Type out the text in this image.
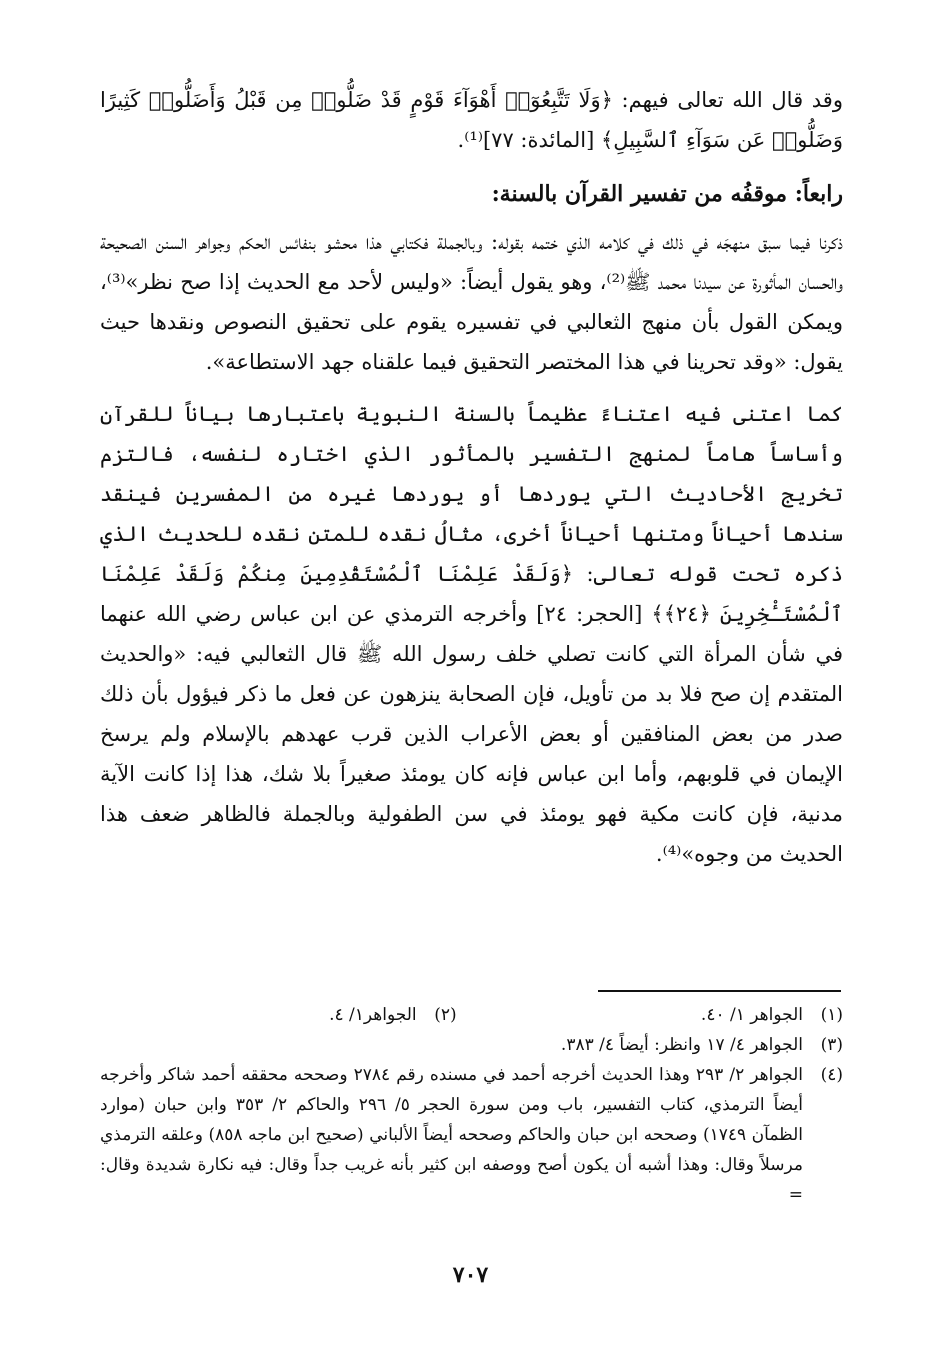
وقد قال الله تعالى فيهم: ﴿وَلَا تَتَّبِعُوٓا۟ أَهْوَآءَ قَوْمٍ قَدْ ضَلُّوا۟ مِن قَبْلُ وَأَضَلُّوا۟ كَثِيرًا وَضَلُّوا۟ عَن سَوَآءِ ٱلسَّبِيلِ﴾ [المائدة: ٧٧]⁽¹⁾.

رابعاً: موقفُه من تفسير القرآن بالسنة:

ذكرنا فيما سبق منهجَه في ذلك في كلامه الذي ختمه بقوله: وبالجملة فكتابي هذا محشو بنفائس الحكم وجواهر السنن الصحيحة والحسان المأثورة عن سيدنا محمد ﷺ⁽²⁾، وهو يقول أيضاً: «وليس لأحد مع الحديث إذا صح نظر»⁽³⁾، ويمكن القول بأن منهج الثعالبي في تفسيره يقوم على تحقيق النصوص ونقدها حيث يقول: «وقد تحرينا في هذا المختصر التحقيق فيما علقناه جهد الاستطاعة».

كما اعتنى فيه اعتناءً عظيماً بالسنة النبوية باعتبارها بياناً للقرآن وأساساً هاماً لمنهج التفسير بالمأثور الذي اختاره لنفسه، فالتزم تخريج الأحاديث التي يوردها أو يوردها غيره من المفسرين فينقد سندها أحياناً ومتنها أحياناً أخرى، مثالُ نقده للمتن نقده للحديث الذي ذكره تحت قوله تعالى: ﴿وَلَقَدْ عَلِمْنَا ٱلْمُسْتَقْدِمِينَ مِنكُمْ وَلَقَدْ عَلِمْنَا ٱلْمُسْتَـْٔخِرِينَ ﴿٢٤﴾﴾ [الحجر: ٢٤] وأخرجه الترمذي عن ابن عباس رضي الله عنهما في شأن المرأة التي كانت تصلي خلف رسول الله ﷺ قال الثعالبي فيه: «والحديث المتقدم إن صح فلا بد من تأويل، فإن الصحابة ينزهون عن فعل ما ذكر فيؤول بأن ذلك صدر من بعض المنافقين أو بعض الأعراب الذين قرب عهدهم بالإسلام ولم يرسخ الإيمان في قلوبهم، وأما ابن عباس فإنه كان يومئذ صغيراً بلا شك، هذا إذا كانت الآية مدنية، فإن كانت مكية فهو يومئذ في سن الطفولية وبالجملة فالظاهر ضعف هذا الحديث من وجوه»⁽⁴⁾.

(١)
الجواهر ١/ ٤٠.
(٢)
الجواهر١/ ٤.
(٣)
الجواهر ٤/ ١٧ وانظر: أيضاً ٤/ ٣٨٣.
(٤)
الجواهر ٢/ ٢٩٣ وهذا الحديث أخرجه أحمد في مسنده رقم ٢٧٨٤ وصححه محققه أحمد شاكر وأخرجه أيضاً الترمذي، كتاب التفسير، باب ومن سورة الحجر ٥/ ٢٩٦ والحاكم ٢/ ٣٥٣ وابن حبان (موارد الظمآن ١٧٤٩) وصححه ابن حبان والحاكم وصححه أيضاً الألباني (صحيح ابن ماجه ٨٥٨) وعلقه الترمذي مرسلاً وقال: وهذا أشبه أن يكون أصح ووصفه ابن كثير بأنه غريب جداً وقال: فيه نكارة شديدة وقال: =
٧٠٧
